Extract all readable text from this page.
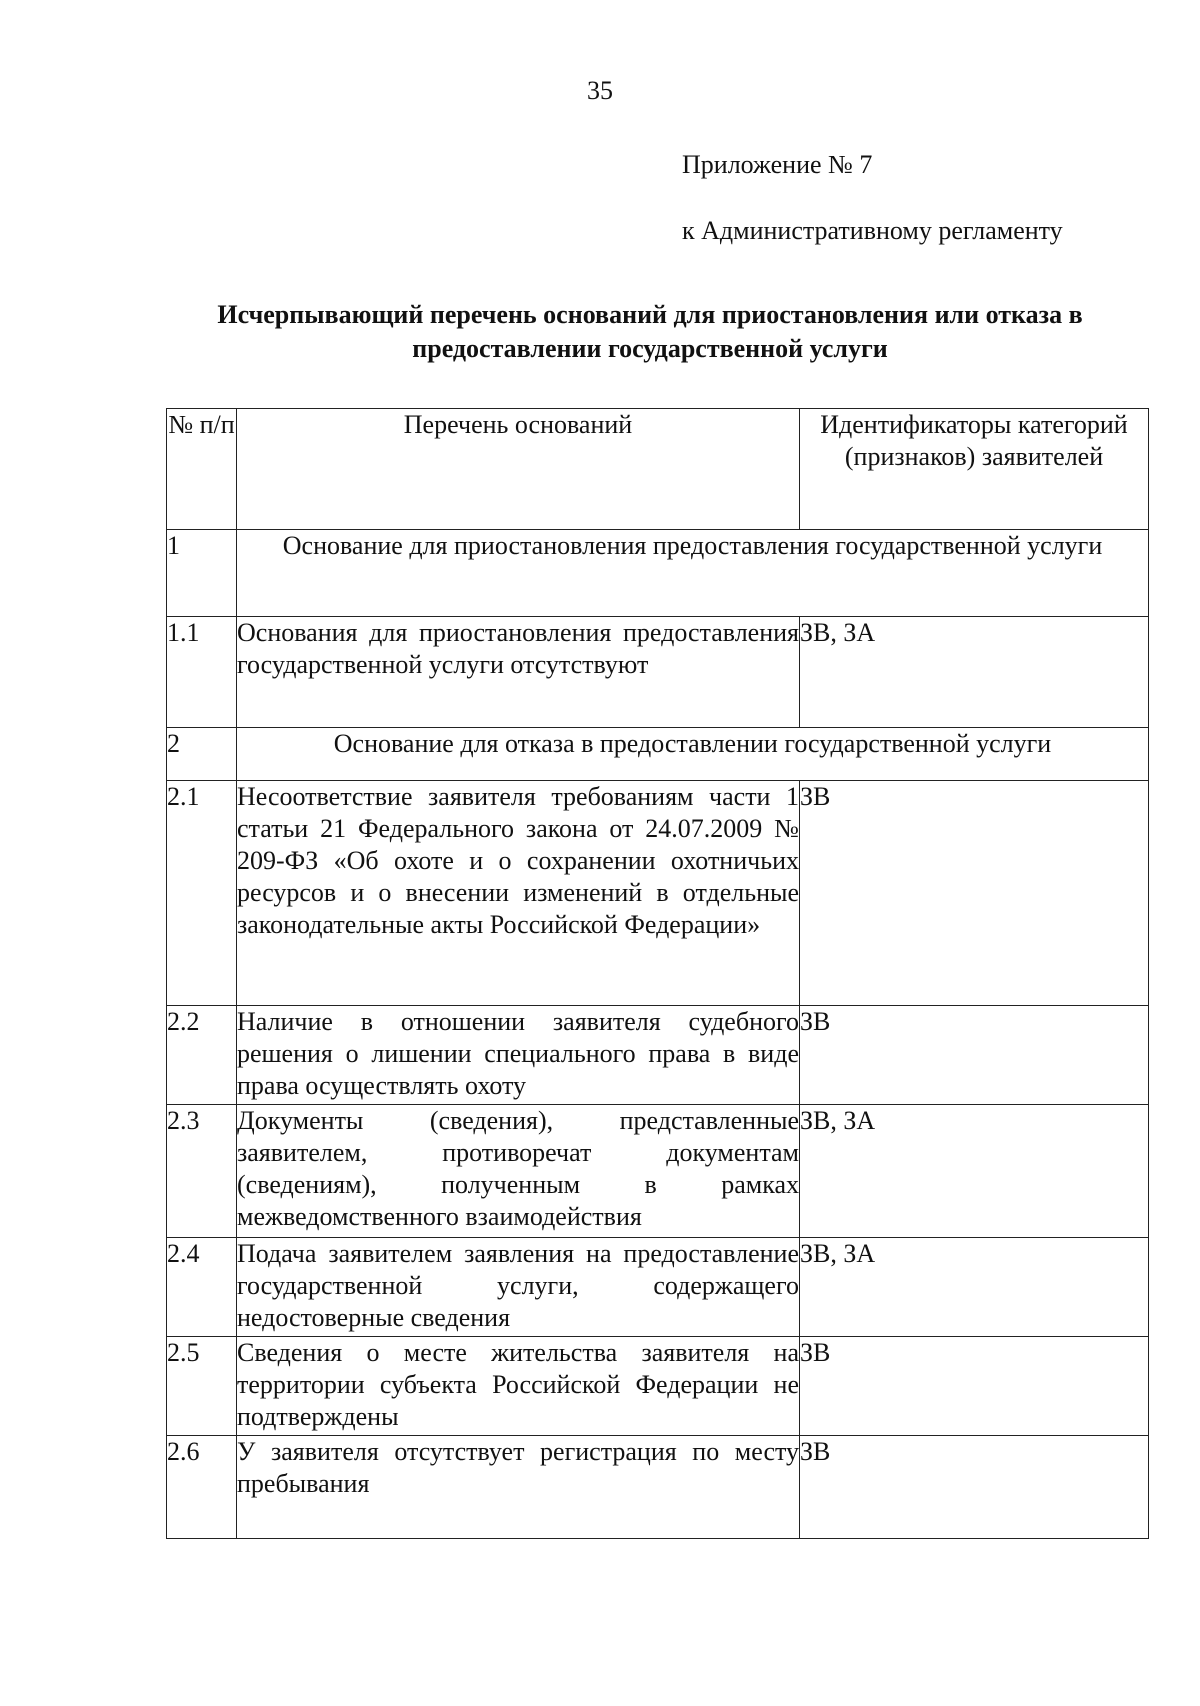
35
Приложение № 7
к Административному регламенту
Исчерпывающий перечень оснований для приостановления или отказа в предоставлении государственной услуги
№ п/п	Перечень оснований	Идентификаторы категорий (признаков) заявителей
1	Основание для приостановления предоставления государственной услуги	
1.1	Основания для приостановления предоставления государственной услуги отсутствуют	ЗВ, ЗА
2	Основание для отказа в предоставлении государственной услуги	
2.1	Несоответствие заявителя требованиям части 1 статьи 21 Федерального закона от 24.07.2009 № 209-ФЗ «Об охоте и о сохранении охотничьих ресурсов и о внесении изменений в отдельные законодательные акты Российской Федерации»	ЗВ
2.2	Наличие в отношении заявителя судебного решения о лишении специального права в виде права осуществлять охоту	ЗВ
2.3	Документы (сведения), представленные заявителем, противоречат документам (сведениям), полученным в рамках межведомственного взаимодействия	ЗВ, ЗА
2.4	Подача заявителем заявления на предоставление государственной услуги, содержащего недостоверные сведения	ЗВ, ЗА
2.5	Сведения о месте жительства заявителя на территории субъекта Российской Федерации не подтверждены	ЗВ
2.6	У заявителя отсутствует регистрация по месту пребывания	ЗВ
